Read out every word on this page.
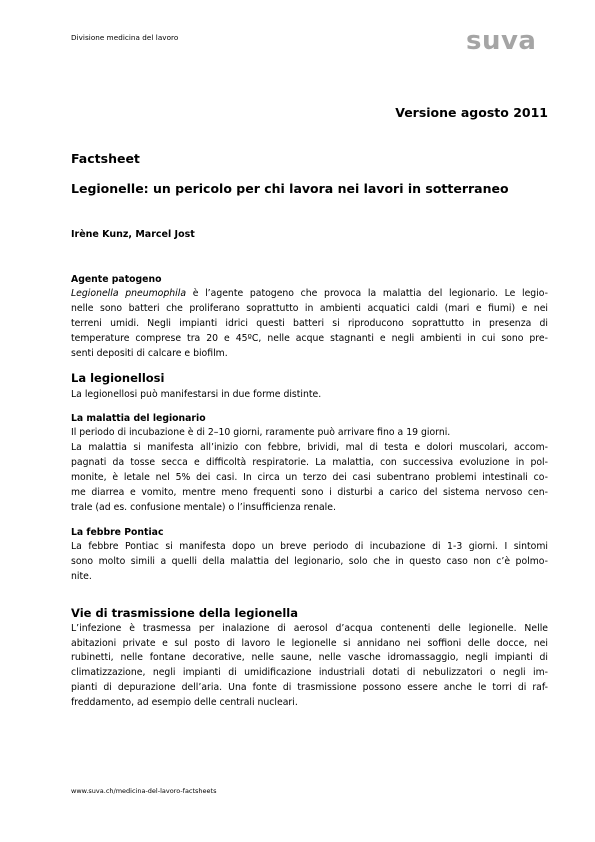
Divisione medicina del lavoro	suva
Versione agosto 2011
Factsheet
Legionelle: un pericolo per chi lavora nei lavori in sotterraneo
Irène Kunz, Marcel Jost
Agente patogeno
Legionella pneumophila è l’agente patogeno che provoca la malattia del legionario. Le legio-
nelle sono batteri che proliferano soprattutto in ambienti acquatici caldi (mari e fiumi) e nei
terreni umidi. Negli impianti idrici questi batteri si riproducono soprattutto in presenza di
temperature comprese tra 20 e 45ºC, nelle acque stagnanti e negli ambienti in cui sono pre-
senti depositi di calcare e biofilm.
La legionellosi
La legionellosi può manifestarsi in due forme distinte.
La malattia del legionario
Il periodo di incubazione è di 2–10 giorni, raramente può arrivare fino a 19 giorni.
La malattia si manifesta all’inizio con febbre, brividi, mal di testa e dolori muscolari, accom-
pagnati da tosse secca e difficoltà respiratorie. La malattia, con successiva evoluzione in pol-
monite, è letale nel 5% dei casi. In circa un terzo dei casi subentrano problemi intestinali co-
me diarrea e vomito, mentre meno frequenti sono i disturbi a carico del sistema nervoso cen-
trale (ad es. confusione mentale) o l’insufficienza renale.
La febbre Pontiac
La febbre Pontiac si manifesta dopo un breve periodo di incubazione di 1-3 giorni. I sintomi
sono molto simili a quelli della malattia del legionario, solo che in questo caso non c’è polmo-
nite.
Vie di trasmissione della legionella
L’infezione è trasmessa per inalazione di aerosol d’acqua contenenti delle legionelle. Nelle
abitazioni private e sul posto di lavoro le legionelle si annidano nei soffioni delle docce, nei
rubinetti, nelle fontane decorative, nelle saune, nelle vasche idromassaggio, negli impianti di
climatizzazione, negli impianti di umidificazione industriali dotati di nebulizzatori o negli im-
pianti di depurazione dell’aria. Una fonte di trasmissione possono essere anche le torri di raf-
freddamento, ad esempio delle centrali nucleari.
www.suva.ch/medicina-del-lavoro-factsheets
